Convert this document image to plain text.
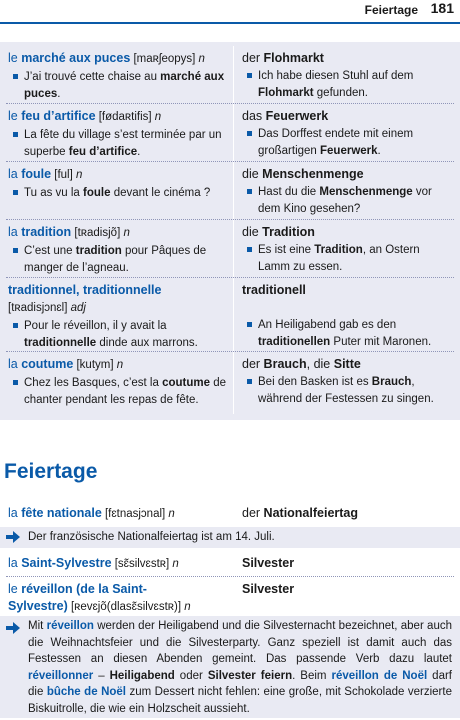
Feiertage 181
le marché aux puces [maʀʃeopys] n
J’ai trouvé cette chaise au marché aux puces.
der Flohmarkt
Ich habe diesen Stuhl auf dem Flohmarkt gefunden.
le feu d’artifice [fødaʀtifis] n
La fête du village s’est terminée par un superbe feu d’artifice.
das Feuerwerk
Das Dorffest endete mit einem großartigen Feuerwerk.
la foule [ful] n
Tu as vu la foule devant le cinéma ?
die Menschenmenge
Hast du die Menschenmenge vor dem Kino gesehen?
la tradition [tʀadisjõ] n
C’est une tradition pour Pâques de manger de l’agneau.
die Tradition
Es ist eine Tradition, an Ostern Lamm zu essen.
traditionnel, traditionnelle
[tʀadisjɔnɛl] adj
Pour le réveillon, il y avait la traditionnelle dinde aux marrons.
traditionell
An Heiligabend gab es den traditionellen Puter mit Maronen.
la coutume [kutym] n
Chez les Basques, c’est la coutume de chanter pendant les repas de fête.
der Brauch, die Sitte
Bei den Basken ist es Brauch, während der Festessen zu singen.
Feiertage
la fête nationale [fɛtnasjɔnal] n	der Nationalfeiertag
Der französische Nationalfeiertag ist am 14. Juli.
la Saint-Sylvestre [sɛ̃silvɛstʀ] n	Silvester
le réveillon (de la Saint-
Sylvestre) [ʀevɛjõ(dlasɛ̃silvɛstʀ)] n
Silvester
Mit réveillon werden der Heiligabend und die Silvesternacht bezeichnet, aber auch die Weihnachtsfeier und die Silvesterparty. Ganz speziell ist damit auch das Festessen an diesen Abenden gemeint. Das passende Verb dazu lautet réveillonner – Heiligabend oder Silvester feiern. Beim réveillon de Noël darf die bûche de Noël zum Dessert nicht fehlen: eine große, mit Schokolade verzierte Biskuitrolle, die wie ein Holzscheit aussieht.
